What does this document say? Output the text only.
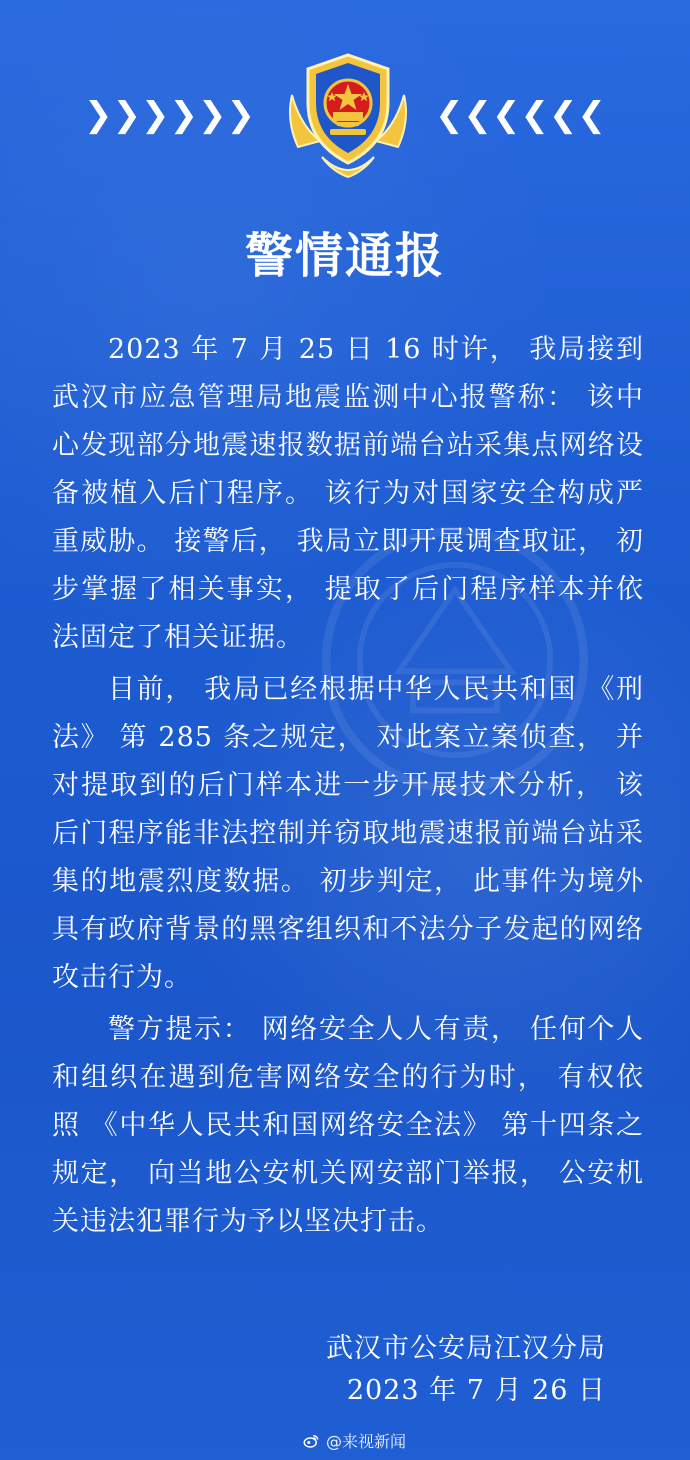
❯❯❯❯❯❯	❮❮❮❮❮❮
警情通报

2023 年 7 月 25 日 16 时许， 我局接到武汉市应急管理局地震监测中心报警称： 该中心发现部分地震速报数据前端台站采集点网络设备被植入后门程序。 该行为对国家安全构成严重威胁。 接警后， 我局立即开展调查取证， 初步掌握了相关事实， 提取了后门程序样本并依法固定了相关证据。

目前， 我局已经根据中华人民共和国 《刑法》 第 285 条之规定， 对此案立案侦查， 并对提取到的后门样本进一步开展技术分析， 该后门程序能非法控制并窃取地震速报前端台站采集的地震烈度数据。 初步判定， 此事件为境外具有政府背景的黑客组织和不法分子发起的网络攻击行为。

警方提示： 网络安全人人有责， 任何个人和组织在遇到危害网络安全的行为时， 有权依照 《中华人民共和国网络安全法》 第十四条之规定， 向当地公安机关网安部门举报， 公安机关违法犯罪行为予以坚决打击。

武汉市公安局江汉分局
2023 年 7 月 26 日
@来视新闻
